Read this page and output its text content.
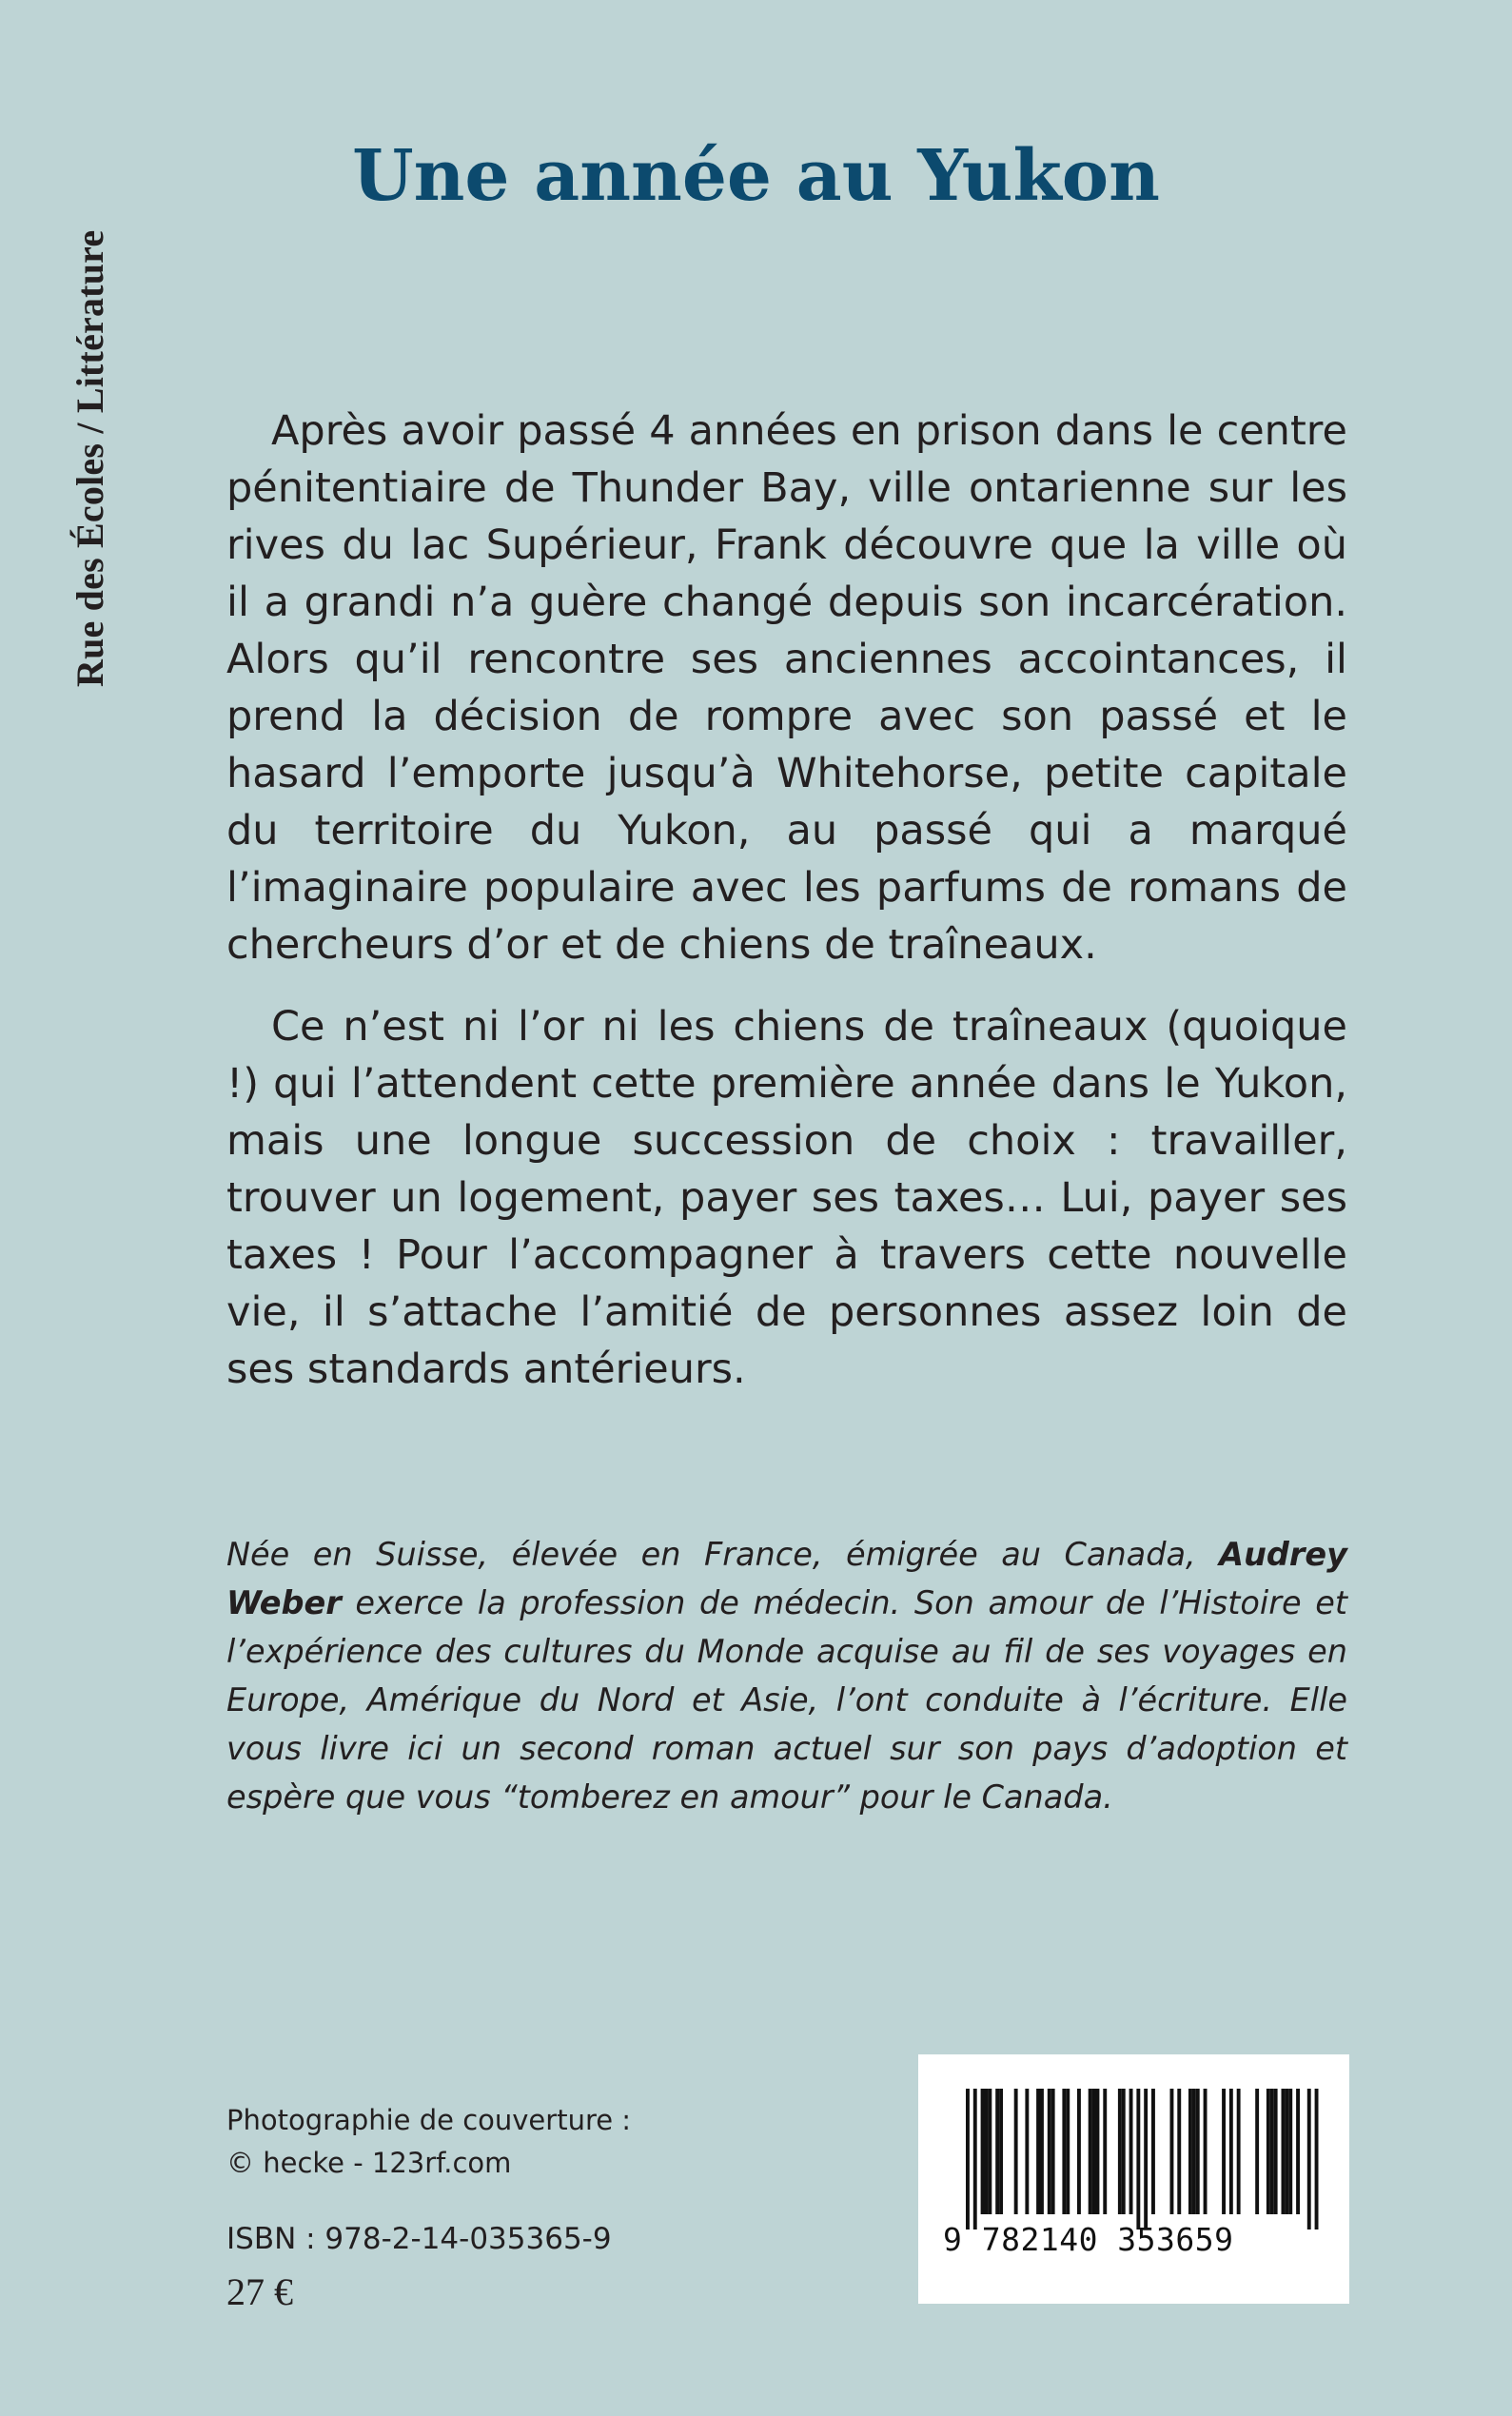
Rue des Écoles / Littérature
Une année au Yukon

Après avoir passé 4 années en prison dans le centre pénitentiaire de Thunder Bay, ville ontarienne sur les rives du lac Supérieur, Frank découvre que la ville où il a grandi n’a guère changé depuis son incarcération. Alors qu’il rencontre ses anciennes accointances, il prend la décision de rompre avec son passé et le hasard l’emporte jusqu’à Whitehorse, petite capitale du territoire du Yukon, au passé qui a marqué l’imaginaire populaire avec les parfums de romans de chercheurs d’or et de chiens de traîneaux.

Ce n’est ni l’or ni les chiens de traîneaux (quoique !) qui l’attendent cette première année dans le Yukon, mais une longue succession de choix : travailler, trouver un logement, payer ses taxes… Lui, payer ses taxes ! Pour l’accompagner à travers cette nouvelle vie, il s’attache l’amitié de personnes assez loin de ses standards antérieurs.

Née en Suisse, élevée en France, émigrée au Canada, Audrey Weber exerce la profession de médecin. Son amour de l’Histoire et l’expérience des cultures du Monde acquise au fil de ses voyages en Europe, Amérique du Nord et Asie, l’ont conduite à l’écriture. Elle vous livre ici un second roman actuel sur son pays d’adoption et espère que vous “tomberez en amour” pour le Canada.
Photographie de couverture :
© hecke - 123rf.com
ISBN : 978-2-14-035365-9
27 €
9 782140 353659
